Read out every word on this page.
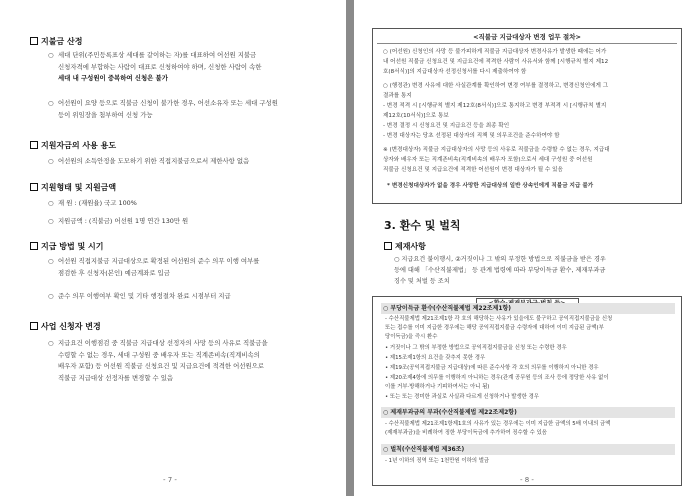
지불금 산정
○ 세대 단위(주민등록표상 세대를 같이하는 자)를 대표하여 어선원 지불금
신청자격에 부합하는 사람이 대표로 신청하여야 하며, 신청한 사람이 속한
세대 내 구성원이 중복하여 신청은 불가
○ 어선원이 요양 등으로 직불금 신청이 불가한 경우, 어선소유자 또는 세대 구성원
등이 위임장을 첨부하여 신청 가능
지원자금의 사용 용도
○ 어선원의 소득안정을 도모하기 위한 직접지불금으로서 제한사항 없음
지원형태 및 지원금액
○ 재 원 : (재원율) 국고 100%
○ 지원금액 : (직불금) 어선원 1명 연간 130만 원
지급 방법 및 시기
○ 어선원 직접지불금 지급대상으로 확정된 어선원의 준수 의무 이행 여부를
점검한 후 신청자(본인) 예금계좌로 입금
○ 준수 의무 이행여부 확인 및 기타 행정절차 완료 시점부터 지급
사업 신청자 변경
○ 지급요건 이행점검 중 직불금 지급대상 선정자의 사망 등의 사유로 직불금을
수령할 수 없는 경우, 세대 구성원 중 배우자 또는 직계존비속(직계비속의
배우자 포함) 등 어선원 직불금 신청요건 및 지급요건에 적격한 어선원으로
직불금 지급대상 선정자를 변경할 수 있음
- 7 -
<직불금 지급대상자 변경 업무 절차>
○ (어선원) 신청인의 사망 등 불가피하게 직불금 지급대상자 변경사유가 발생한 때에는 어가
내 어선원 직불금 신청요건 및 지급요건에 적격한 사람이 사유서와 함께 [시행규칙 별지 제12
호(8서식)]의 지급대상자 선정신청서를 다시 제출하여야 함
○ (행정관) 변경 사유에 대한 사실관계를 확인하여 변경 여부를 결정하고, 변경신청인에게 그
결과를 통지
- 변경 적격 시 [시행규칙 별지 제12호(8서식)]으로 통지하고 변경 부적격 시 [시행규칙 별지
제12호(10서식)]으로 통보
- 변경 결정 시 신청요건 및 지급요건 등을 최종 확인
- 변경 대상자는 당초 선정된 대상자의 직책 및 의무조건을 준수하여야 함
※ (변경대상자) 직불금 지급대상자의 사망 등의 사유로 직불금을 수령할 수 없는 경우, 지급대
상자와 배우자 또는 직계존비속(직계비속의 배우자 포함)으로서 세대 구성원 중 어선원
직불금 신청요건 및 지급요건에 적격한 어선원이 변경 대상자가 될 수 있음
* 변경신청대상자가 없을 경우 사망한 지급대상의 일반 상속인에게 직불금 지급 불가
3. 환수 및 벌칙
제재사항
○ 지급요건 불이행시, ②거짓이나 그 밖의 부정한 방법으로 직불금을 받은 경우
등에 대해 「수산직불제법」 등 관계 법령에 따라 부당이득금 환수, 제재부과금
징수 및 처벌 등 조치
○ 부당이득금 환수(수산직불제법 제22조제1항)
- 수산직불제법 제21조제1항 각 호의 해당하는 사유가 있을에도 불구하고 공익직접지불금을 신청
또는 접수를 이미 지급한 경우에는 해당 공익직접지불금 수령자에 대하여 이미 지급된 금액(부
당이득금)을 즉시 환수
• 거짓이나 그 밖의 부정한 방법으로 공익직접지불금을 신청 또는 수령한 경우
• 제15조제1항의 요건을 갖추지 못한 경우
• 제19조(공익직접지불금 지급대상)에 따른 준수사항 각 호의 의무를 이행하지 아니한 경우
• 제20조제4항에 의무를 이행하지 아니하는 경우(관계 공무원 등의 조사 등에 정당한 사유 없이
이를 거부·방해하거나 기피하여서는 아니 됨)
• 또는 또는 경미한 과실로 사실과 다르게 신청하거나 발생한 경우
○ 제재부과금의 부과(수산직불제법 제22조제2항)
- 수산직불제법 제21조제1항제1호의 사유가 있는 경우에는 이미 지급한 금액의 5배 이내의 금액
(제재부과금)을 비례하여 징한 부당이득금에 추가하여 징수할 수 있음
○ 벌칙(수산직불제법 제36조)
- 1년 이하의 징역 또는 1천만원 이하의 벌금
- 8 -
